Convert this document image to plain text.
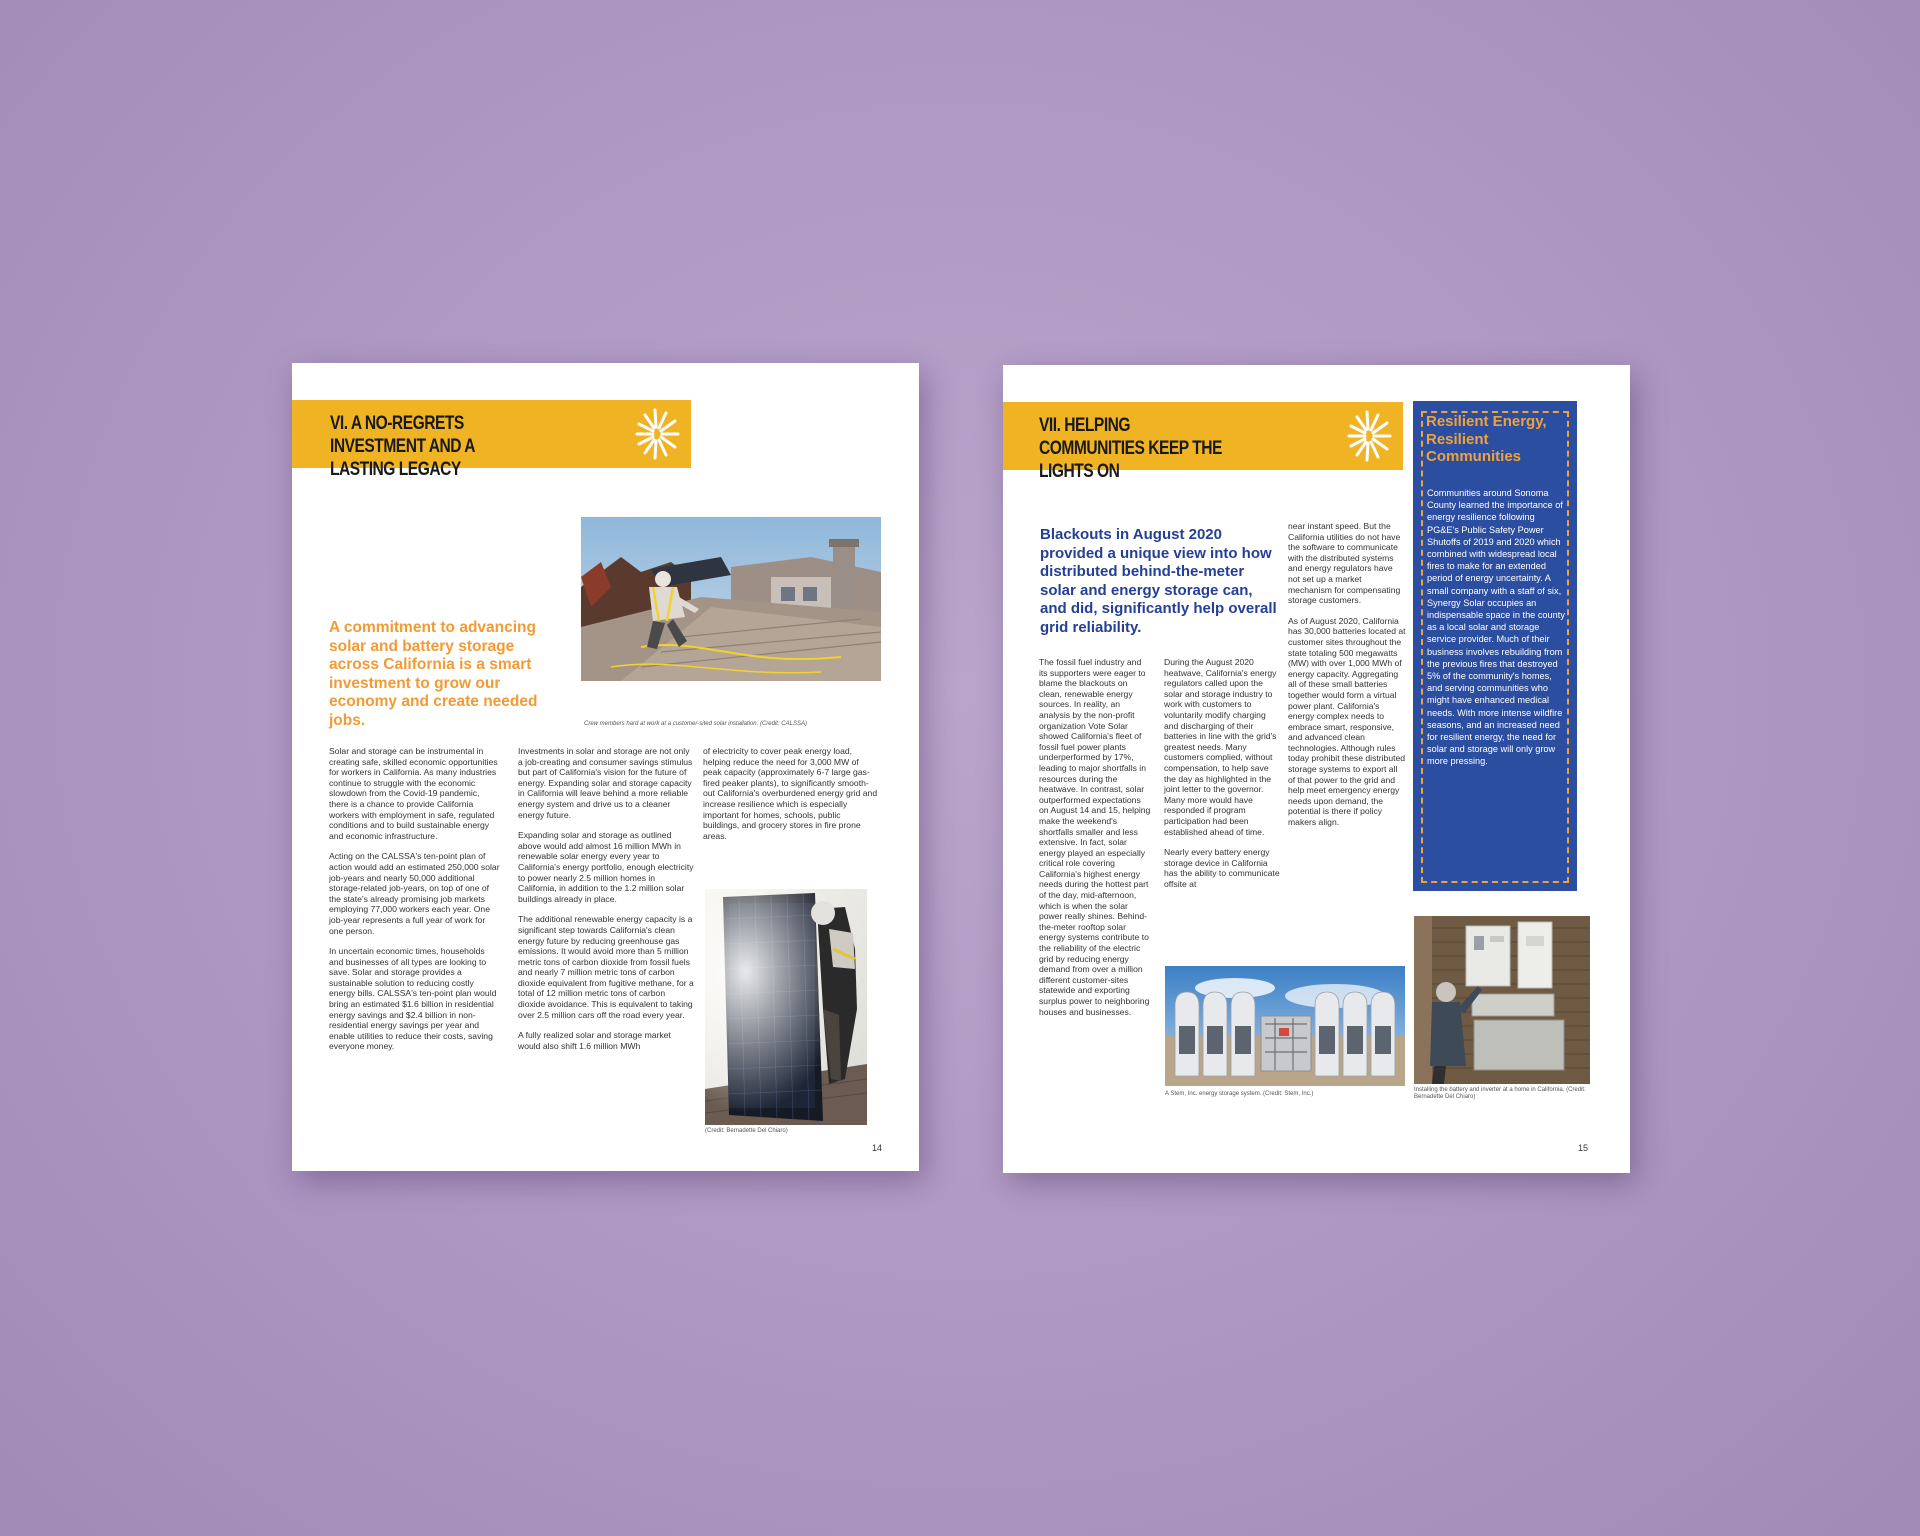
VI. A NO-REGRETS INVESTMENT AND A LASTING LEGACY
A commitment to advancing solar and battery storage across California is a smart investment to grow our economy and create needed jobs.	Crew members hard at work at a customer-sited solar installation. (Credit: CALSSA)

Solar and storage can be instrumental in creating safe, skilled economic opportunities for workers in California. As many industries continue to struggle with the economic slowdown from the Covid-19 pandemic, there is a chance to provide California workers with employment in safe, regulated conditions and to build sustainable energy and economic infrastructure.

Acting on the CALSSA's ten-point plan of action would add an estimated 250,000 solar job-years and nearly 50,000 additional storage-related job-years, on top of one of the state's already promising job markets employing 77,000 workers each year. One job-year represents a full year of work for one person.

In uncertain economic times, households and businesses of all types are looking to save. Solar and storage provides a sustainable solution to reducing costly energy bills. CALSSA's ten-point plan would bring an estimated $1.6 billion in residential energy savings and $2.4 billion in non-residential energy savings per year and enable utilities to reduce their costs, saving everyone money.

Investments in solar and storage are not only a job-creating and consumer savings stimulus but part of California's vision for the future of energy. Expanding solar and storage capacity in California will leave behind a more reliable energy system and drive us to a cleaner energy future.

Expanding solar and storage as outlined above would add almost 16 million MWh in renewable solar energy every year to California's energy portfolio, enough electricity to power nearly 2.5 million homes in California, in addition to the 1.2 million solar buildings already in place.

The additional renewable energy capacity is a significant step towards California's clean energy future by reducing greenhouse gas emissions. It would avoid more than 5 million metric tons of carbon dioxide from fossil fuels and nearly 7 million metric tons of carbon dioxide equivalent from fugitive methane, for a total of 12 million metric tons of carbon dioxide avoidance. This is equivalent to taking over 2.5 million cars off the road every year.

A fully realized solar and storage market would also shift 1.6 million MWh

of electricity to cover peak energy load, helping reduce the need for 3,000 MW of peak capacity (approximately 6-7 large gas-fired peaker plants), to significantly smooth-out California's overburdened energy grid and increase resilience which is especially important for homes, schools, public buildings, and grocery stores in fire prone areas.

(Credit: Bernadette Del Chiaro)
14
VII. HELPING COMMUNITIES KEEP THE LIGHTS ON
Blackouts in August 2020 provided a unique view into how distributed behind-the-meter solar and energy storage can, and did, significantly help overall grid reliability.

The fossil fuel industry and its supporters were eager to blame the blackouts on clean, renewable energy sources. In reality, an analysis by the non-profit organization Vote Solar showed California's fleet of fossil fuel power plants underperformed by 17%, leading to major shortfalls in resources during the heatwave. In contrast, solar outperformed expectations on August 14 and 15, helping make the weekend's shortfalls smaller and less extensive. In fact, solar energy played an especially critical role covering California's highest energy needs during the hottest part of the day, mid-afternoon, which is when the solar power really shines. Behind-the-meter rooftop solar energy systems contribute to the reliability of the electric grid by reducing energy demand from over a million different customer-sites statewide and exporting surplus power to neighboring houses and businesses.

During the August 2020 heatwave, California's energy regulators called upon the solar and storage industry to work with customers to voluntarily modify charging and discharging of their batteries in line with the grid's greatest needs. Many customers complied, without compensation, to help save the day as highlighted in the joint letter to the governor. Many more would have responded if program participation had been established ahead of time.

Nearly every battery energy storage device in California has the ability to communicate offsite at

near instant speed. But the California utilities do not have the software to communicate with the distributed systems and energy regulators have not set up a market mechanism for compensating storage customers.

As of August 2020, California has 30,000 batteries located at customer sites throughout the state totaling 500 megawatts (MW) with over 1,000 MWh of energy capacity. Aggregating all of these small batteries together would form a virtual power plant. California's energy complex needs to embrace smart, responsive, and advanced clean technologies. Although rules today prohibit these distributed storage systems to export all of that power to the grid and help meet emergency energy needs upon demand, the potential is there if policy makers align.

Resilient Energy, Resilient Communities
Communities around Sonoma County learned the importance of energy resilience following PG&E's Public Safety Power Shutoffs of 2019 and 2020 which combined with widespread local fires to make for an extended period of energy uncertainty. A small company with a staff of six, Synergy Solar occupies an indispensable space in the county as a local solar and storage service provider. Much of their business involves rebuilding from the previous fires that destroyed 5% of the community's homes, and serving communities who might have enhanced medical needs. With more intense wildfire seasons, and an increased need for resilient energy, the need for solar and storage will only grow more pressing.
A Stem, Inc. energy storage system. (Credit: Stem, Inc.)
Installing the battery and inverter at a home in California. (Credit: Bernadette Del Chiaro)
15
